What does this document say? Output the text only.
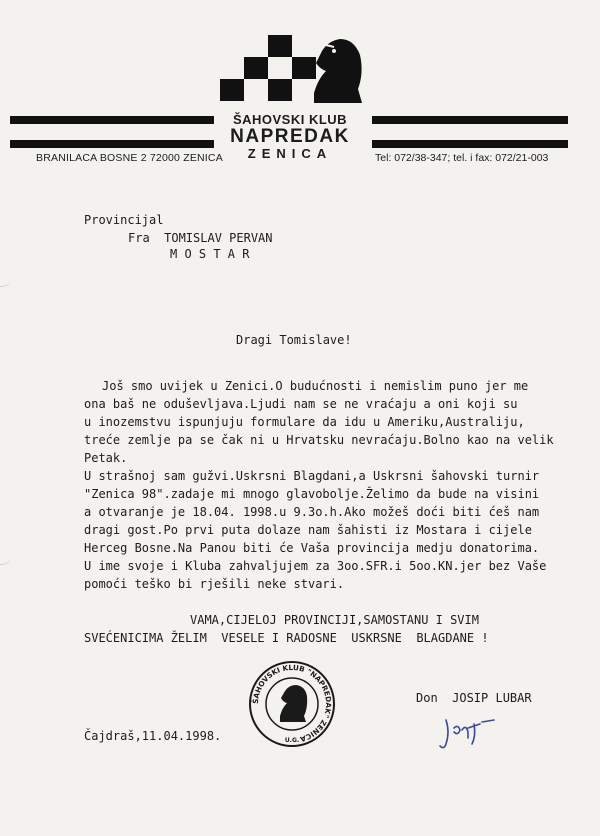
ŠAHOVSKI KLUB
NAPREDAK
ZENICA
BRANILACA BOSNE 2 72000 ZENICA	Tel: 072/38-347; tel. i fax: 072/21-003
Provincijal
Fra  TOMISLAV PERVAN
M O S T A R
Dragi Tomislave!
Još smo uvijek u Zenici.O budućnosti i nemislim puno jer me
ona baš ne oduševljava.Ljudi nam se ne vraćaju a oni koji su
u inozemstvu ispunjuju formulare da idu u Ameriku,Australiju,
treće zemlje pa se čak ni u Hrvatsku nevraćaju.Bolno kao na velik
Petak.
U strašnoj sam gužvi.Uskrsni Blagdani,a Uskrsni šahovski turnir
"Zenica 98".zadaje mi mnogo glavobolje.Želimo da bude na visini
a otvaranje je 18.04. 1998.u 9.3o.h.Ako možeš doći biti ćeš nam
dragi gost.Po prvi puta dolaze nam šahisti iz Mostara i cijele
Herceg Bosne.Na Panou biti će Vaša provincija medju donatorima.
U ime svoje i Kluba zahvaljujem za 3oo.SFR.i 5oo.KN.jer bez Vaše
pomoći teško bi rješili neke stvari.
VAMA,CIJELOJ PROVINCIJI,SAMOSTANU I SVIM
SVEĆENICIMA ŽELIM  VESELE I RADOSNE  USKRSNE  BLAGDANE !
ŠAHOVSKI KLUB "NAPREDAK" ZENICA
U.G.
Don  JOSIP LUBAR
Čajdraš,11.04.1998.
